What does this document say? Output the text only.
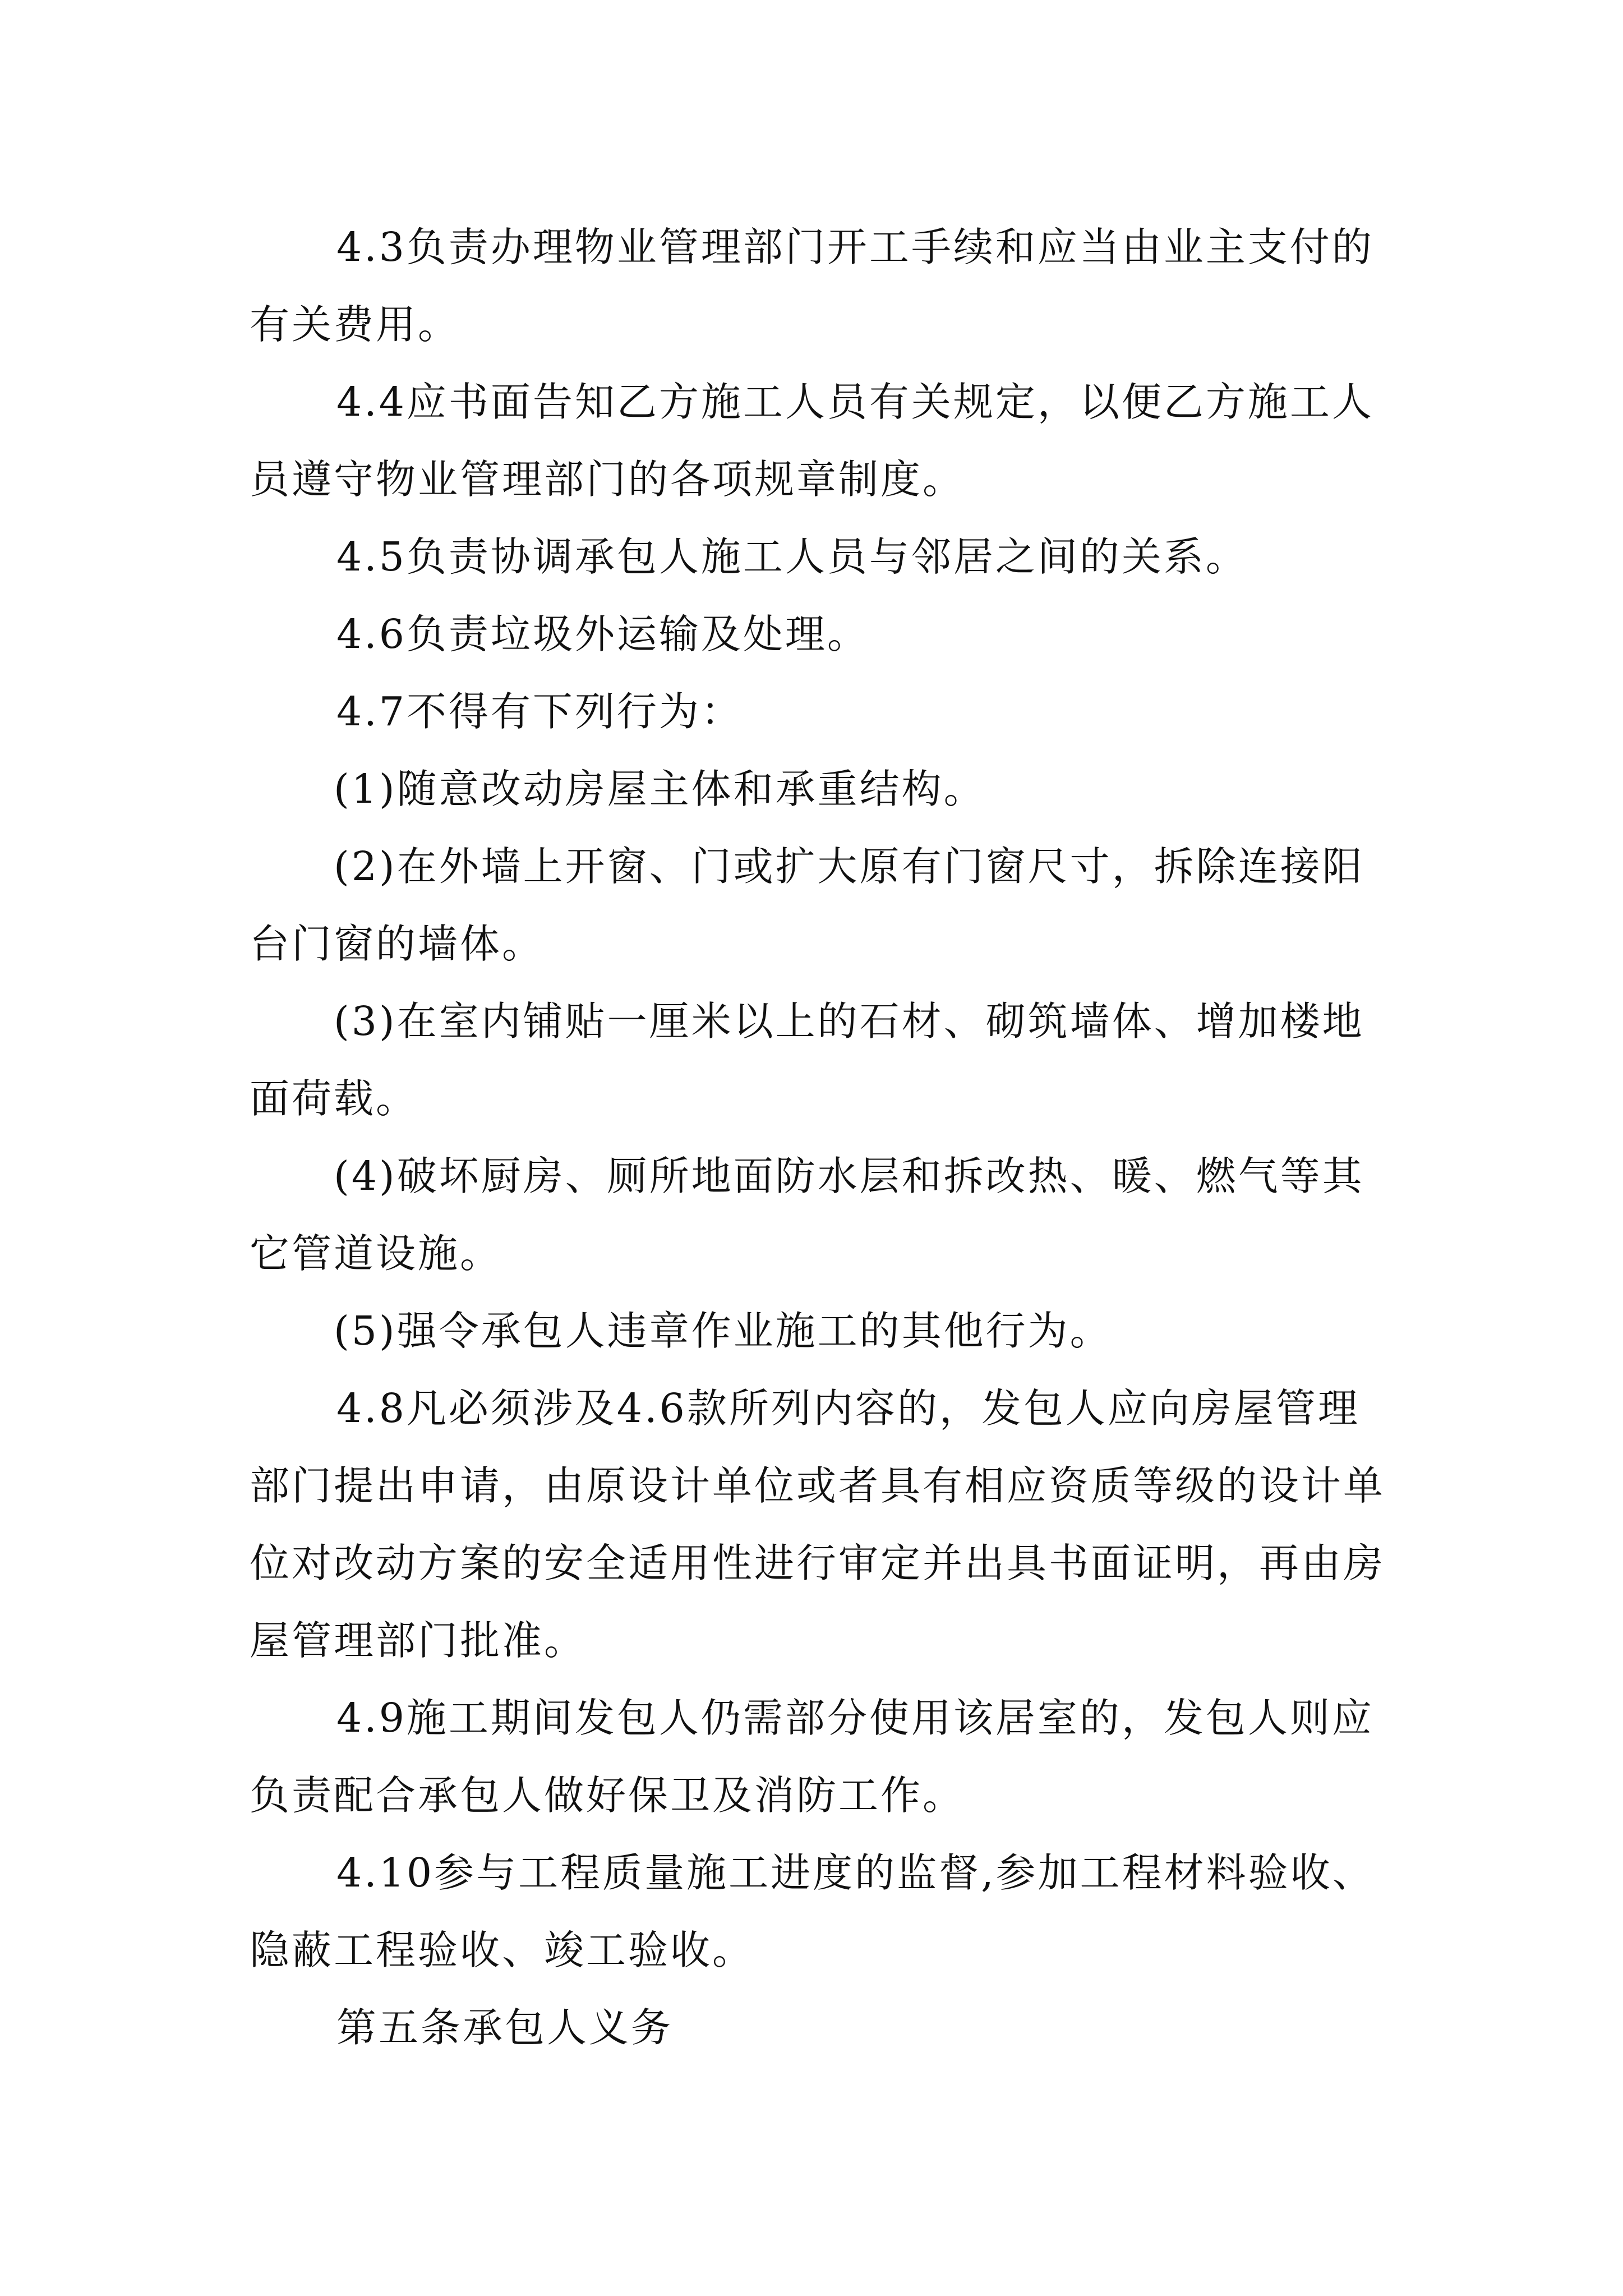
4.3负责办理物业管理部门开工手续和应当由业主支付的有关费用。

4.4应书面告知乙方施工人员有关规定，以便乙方施工人员遵守物业管理部门的各项规章制度。

4.5负责协调承包人施工人员与邻居之间的关系。

4.6负责垃圾外运输及处理。

4.7不得有下列行为：

(1)随意改动房屋主体和承重结构。

(2)在外墙上开窗、门或扩大原有门窗尺寸，拆除连接阳台门窗的墙体。

(3)在室内铺贴一厘米以上的石材、砌筑墙体、增加楼地面荷载。

(4)破坏厨房、厕所地面防水层和拆改热、暖、燃气等其它管道设施。

(5)强令承包人违章作业施工的其他行为。

4.8凡必须涉及4.6款所列内容的，发包人应向房屋管理部门提出申请，由原设计单位或者具有相应资质等级的设计单位对改动方案的安全适用性进行审定并出具书面证明，再由房屋管理部门批准。

4.9施工期间发包人仍需部分使用该居室的，发包人则应负责配合承包人做好保卫及消防工作。

4.10参与工程质量施工进度的监督,参加工程材料验收、隐蔽工程验收、竣工验收。

第五条承包人义务
